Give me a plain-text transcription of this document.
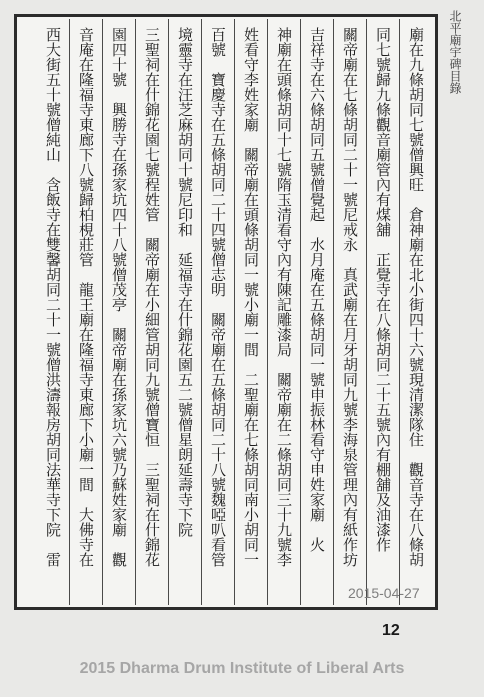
廟在九條胡同七號僧興旺　倉神廟在北小街四十六號現清潔隊住　觀音寺在八條胡
同七號歸九條觀音廟管內有煤舖　正覺寺在八條胡同二十五號內有棚舖及油漆作
關帝廟在七條胡同二十一號尼戒永　真武廟在月牙胡同九號李海泉管理內有紙作坊
吉祥寺在六條胡同五號僧覺起　水月庵在五條胡同一號申振林看守申姓家廟　火
神廟在頭條胡同十七號隋玉清看守內有陳記雕漆局　關帝廟在二條胡同三十九號李
姓看守李姓家廟　關帝廟在頭條胡同一號小廟一間　二聖廟在七條胡同南小胡同一
百號　寶慶寺在五條胡同二十四號僧志明　關帝廟在五條胡同二十八號魏啞叭看管
境靈寺在汪芝麻胡同十號尼印和　延福寺在什錦花園五二號僧星朗延壽寺下院
三聖祠在什錦花園七號程姓管　關帝廟在小細管胡同九號僧寶恒　三聖祠在什錦花
園四十號　興勝寺在孫家坑四十八號僧茂亭　關帝廟在孫家坑六號乃蘇姓家廟　觀
音庵在隆福寺東廊下八號歸柏梘莊管　龍王廟在隆福寺東廊下小廟一間　大佛寺在
西大街五十號僧純山　含飯寺在雙馨胡同二十一號僧洪濤報房胡同法華寺下院　雷	北平廟宇碑目錄
2015-04-27
12
2015 Dharma Drum Institute of Liberal Arts
